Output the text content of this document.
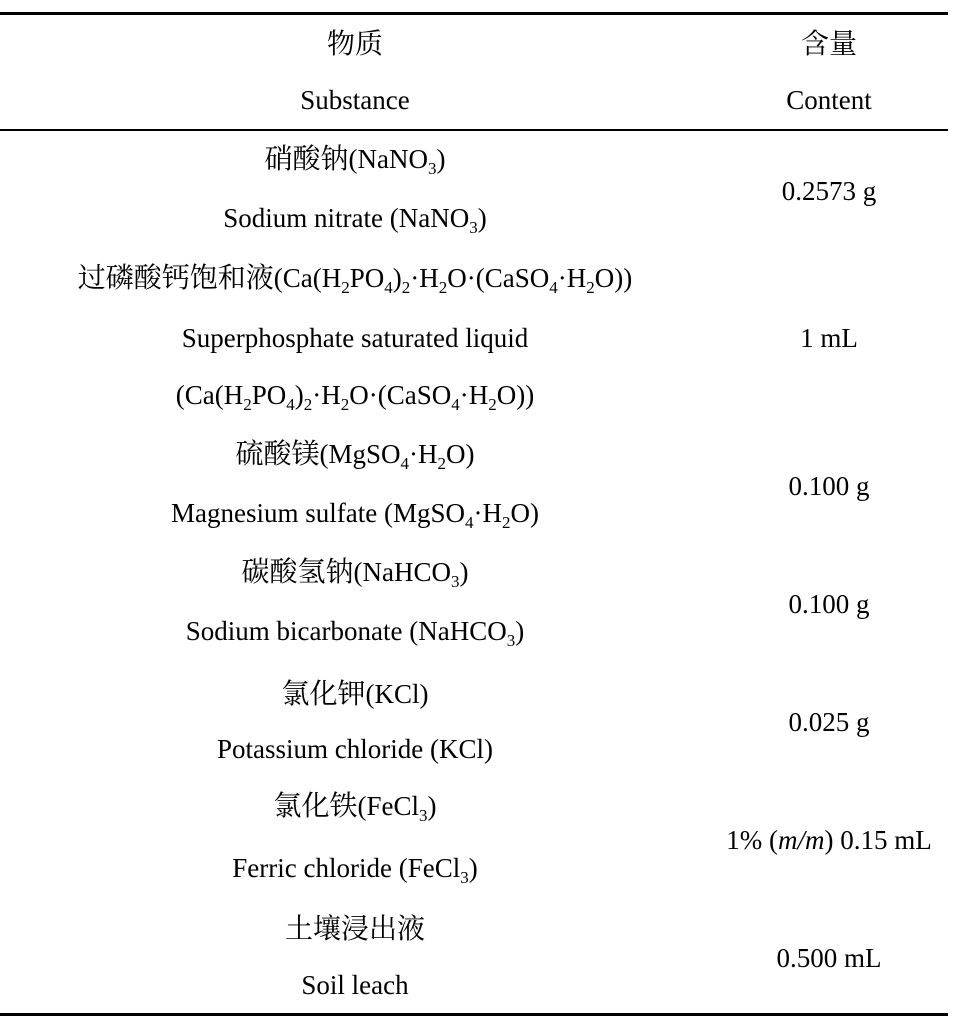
物质
Substance
含量
Content
硝酸钠(NaNO$_3$)
Sodium nitrate (NaNO$_3$)
0.2573 g
过磷酸钙饱和液$(Ca(H_2PO_4)_2\cdot H_2O\cdot(CaSO_4\cdot H_2O))$
Superphosphate saturated liquid
$(Ca(H_2PO_4)_2\cdot H_2O\cdot(CaSO_4\cdot H_2O))$
1 mL
硫酸镁$(MgSO_4\cdot H_2O)$
Magnesium sulfate $(MgSO_4\cdot H_2O)$
0.100 g
碳酸氢钠(NaHCO$_3$)
Sodium bicarbonate (NaHCO$_3$)
0.100 g
氯化钾(KCl)
Potassium chloride (KCl)
0.025 g
氯化铁(FeCl$_3$)
Ferric chloride (FeCl$_3$)
1% (m/m) 0.15 mL
土壤浸出液
Soil leach
0.500 mL
